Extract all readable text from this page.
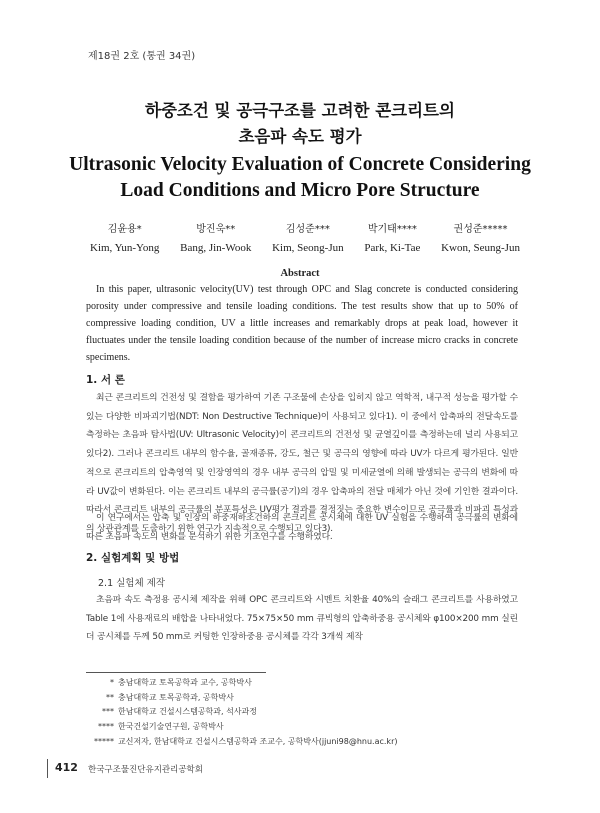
제18권 2호 (통권 34권)
하중조건 및 공극구조를 고려한 콘크리트의
초음파 속도 평가
Ultrasonic Velocity Evaluation of Concrete Considering
Load Conditions and Micro Pore Structure
김윤용*
Kim, Yun-Yong
방진욱**
Bang, Jin-Wook
김성준***
Kim, Seong-Jun
박기태****
Park, Ki-Tae
권성준*****
Kwon, Seung-Jun
Abstract

In this paper, ultrasonic velocity(UV) test through OPC and Slag concrete is conducted considering porosity under compressive and tensile loading conditions. The test results show that up to 50% of compressive loading condition, UV a little increases and remarkably drops at peak load, however it fluctuates under the tensile loading condition because of the number of increase micro cracks in concrete specimens.

1. 서 론

최근 콘크리트의 건전성 및 결함을 평가하여 기존 구조물에 손상을 입히지 않고 역학적, 내구적 성능을 평가할 수 있는 다양한 비파괴기법(NDT: Non Destructive Technique)이 사용되고 있다1). 이 중에서 압축파의 전달속도를 측정하는 초음파 탐사법(UV: Ultrasonic Velocity)이 콘크리트의 건전성 및 균열깊이를 측정하는데 널리 사용되고 있다2). 그러나 콘크리트 내부의 함수율, 골재종류, 강도, 철근 및 공극의 영향에 따라 UV가 다르게 평가된다. 일반적으로 콘크리트의 압축영역 및 인장영역의 경우 내부 공극의 압밀 및 미세균열에 의해 발생되는 공극의 변화에 따라 UV값이 변화된다. 이는 콘크리트 내부의 공극률(공기)의 경우 압축파의 전달 매체가 아닌 것에 기인한 결과이다. 따라서 콘크리트 내부의 공극률의 분포특성은 UV평가 결과를 결정짓는 중요한 변수이므로 공극률과 비파괴 특성과의 상관관계를 도출하기 위한 연구가 지속적으로 수행되고 있다3).

이 연구에서는 압축 및 인장의 하중재하조건하의 콘크리트 공시체에 대한 UV 실험을 수행하여 공극률의 변화에 따른 초음파 속도의 변화를 분석하기 위한 기초연구를 수행하였다.

2. 실험계획 및 방법
2.1 실험체 제작

초음파 속도 측정용 공시체 제작을 위해 OPC 콘크리트와 시멘트 치환율 40%의 슬래그 콘크리트를 사용하였고 Table 1에 사용재료의 배합을 나타내었다. 75×75×50 mm 큐빅형의 압축하중용 공시체와 φ100×200 mm 실린더 공시체를 두께 50 mm로 커팅한 인장하중용 공시체를 각각 3개씩 제작

* 충남대학교 토목공학과 교수, 공학박사
** 충남대학교 토목공학과, 공학박사
*** 한남대학교 건설시스템공학과, 석사과정
**** 한국건설기술연구원, 공학박사
***** 교신저자, 한남대학교 건설시스템공학과 조교수, 공학박사(jjuni98@hnu.ac.kr)
412 한국구조물진단유지관리공학회
